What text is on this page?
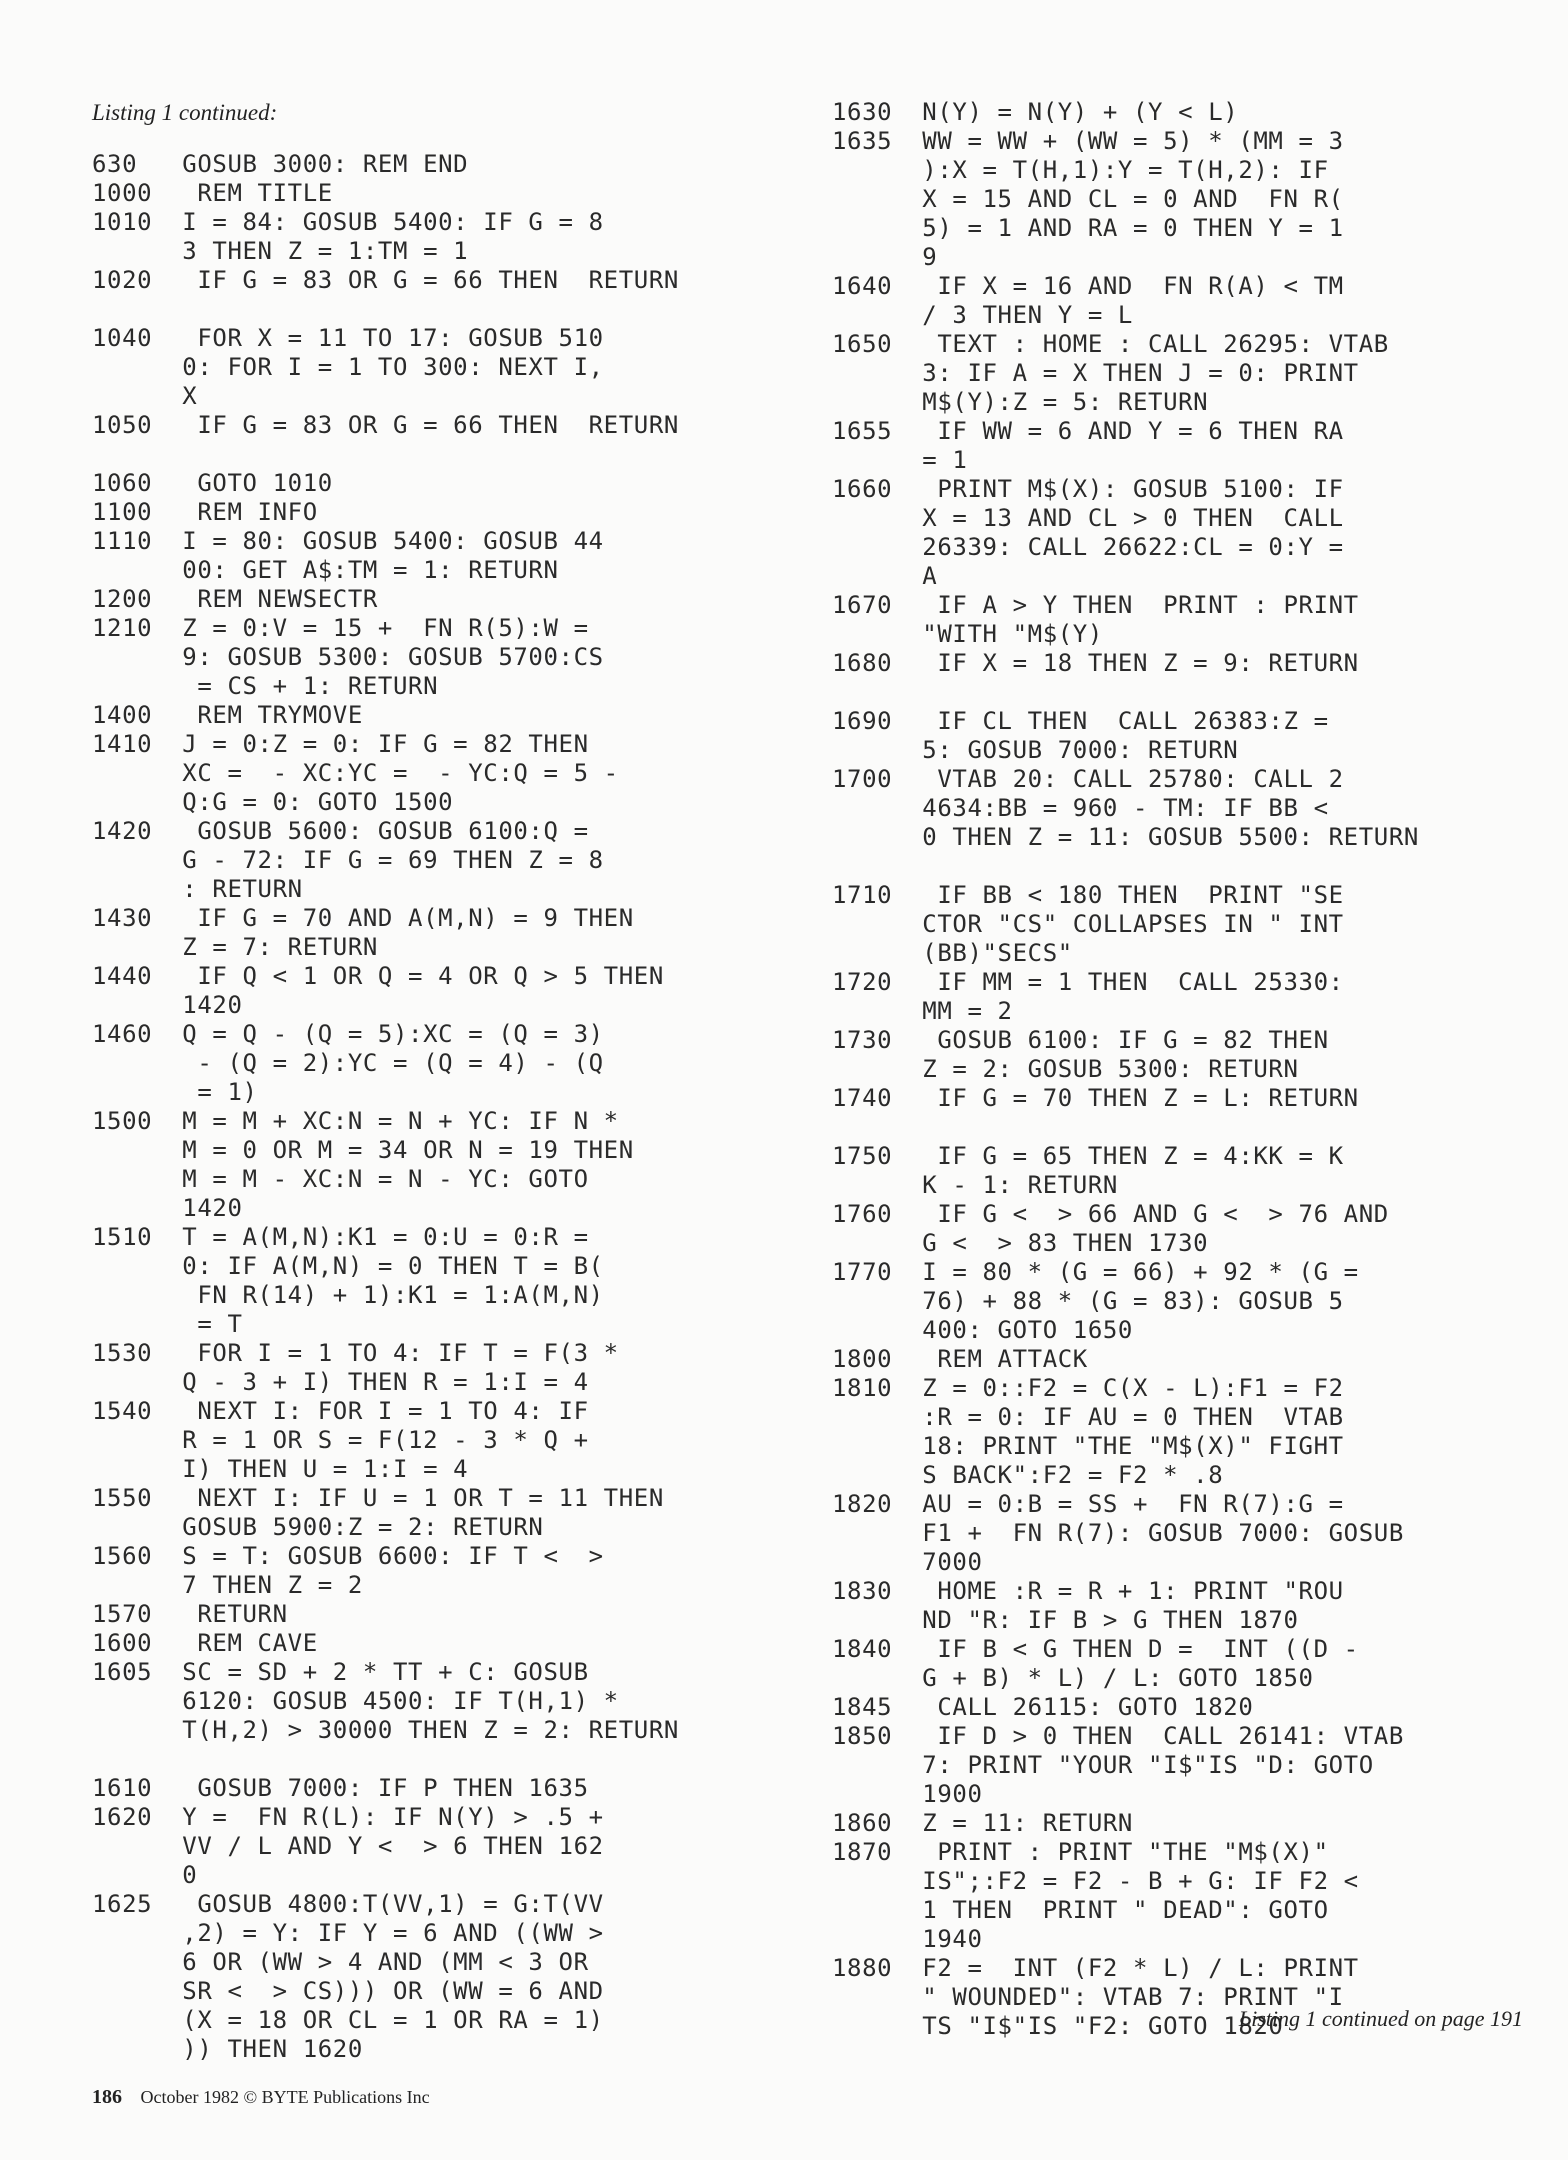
Listing 1 continued:
630   GOSUB 3000: REM END
1000   REM TITLE
1010  I = 84: GOSUB 5400: IF G = 8
3 THEN Z = 1:TM = 1
1020   IF G = 83 OR G = 66 THEN  RETURN
1040   FOR X = 11 TO 17: GOSUB 510
0: FOR I = 1 TO 300: NEXT I,
X
1050   IF G = 83 OR G = 66 THEN  RETURN
1060   GOTO 1010
1100   REM INFO
1110  I = 80: GOSUB 5400: GOSUB 44
00: GET A$:TM = 1: RETURN
1200   REM NEWSECTR
1210  Z = 0:V = 15 +  FN R(5):W =
9: GOSUB 5300: GOSUB 5700:CS
= CS + 1: RETURN
1400   REM TRYMOVE
1410  J = 0:Z = 0: IF G = 82 THEN
XC =  - XC:YC =  - YC:Q = 5 -
Q:G = 0: GOTO 1500
1420   GOSUB 5600: GOSUB 6100:Q =
G - 72: IF G = 69 THEN Z = 8
: RETURN
1430   IF G = 70 AND A(M,N) = 9 THEN
Z = 7: RETURN
1440   IF Q < 1 OR Q = 4 OR Q > 5 THEN
1420
1460  Q = Q - (Q = 5):XC = (Q = 3)
- (Q = 2):YC = (Q = 4) - (Q
= 1)
1500  M = M + XC:N = N + YC: IF N *
M = 0 OR M = 34 OR N = 19 THEN
M = M - XC:N = N - YC: GOTO
1420
1510  T = A(M,N):K1 = 0:U = 0:R =
0: IF A(M,N) = 0 THEN T = B(
FN R(14) + 1):K1 = 1:A(M,N)
= T
1530   FOR I = 1 TO 4: IF T = F(3 *
Q - 3 + I) THEN R = 1:I = 4
1540   NEXT I: FOR I = 1 TO 4: IF
R = 1 OR S = F(12 - 3 * Q +
I) THEN U = 1:I = 4
1550   NEXT I: IF U = 1 OR T = 11 THEN
GOSUB 5900:Z = 2: RETURN
1560  S = T: GOSUB 6600: IF T <  >
7 THEN Z = 2
1570   RETURN
1600   REM CAVE
1605  SC = SD + 2 * TT + C: GOSUB
6120: GOSUB 4500: IF T(H,1) *
T(H,2) > 30000 THEN Z = 2: RETURN
1610   GOSUB 7000: IF P THEN 1635
1620  Y =  FN R(L): IF N(Y) > .5 +
VV / L AND Y <  > 6 THEN 162
0
1625   GOSUB 4800:T(VV,1) = G:T(VV
,2) = Y: IF Y = 6 AND ((WW >
6 OR (WW > 4 AND (MM < 3 OR
SR <  > CS))) OR (WW = 6 AND
(X = 18 OR CL = 1 OR RA = 1)
)) THEN 1620
1630  N(Y) = N(Y) + (Y < L)
1635  WW = WW + (WW = 5) * (MM = 3
):X = T(H,1):Y = T(H,2): IF
X = 15 AND CL = 0 AND  FN R(
5) = 1 AND RA = 0 THEN Y = 1
9
1640   IF X = 16 AND  FN R(A) < TM
/ 3 THEN Y = L
1650   TEXT : HOME : CALL 26295: VTAB
3: IF A = X THEN J = 0: PRINT
M$(Y):Z = 5: RETURN
1655   IF WW = 6 AND Y = 6 THEN RA
= 1
1660   PRINT M$(X): GOSUB 5100: IF
X = 13 AND CL > 0 THEN  CALL
26339: CALL 26622:CL = 0:Y =
A
1670   IF A > Y THEN  PRINT : PRINT
"WITH "M$(Y)
1680   IF X = 18 THEN Z = 9: RETURN
1690   IF CL THEN  CALL 26383:Z =
5: GOSUB 7000: RETURN
1700   VTAB 20: CALL 25780: CALL 2
4634:BB = 960 - TM: IF BB <
0 THEN Z = 11: GOSUB 5500: RETURN
1710   IF BB < 180 THEN  PRINT "SE
CTOR "CS" COLLAPSES IN " INT
(BB)"SECS"
1720   IF MM = 1 THEN  CALL 25330:
MM = 2
1730   GOSUB 6100: IF G = 82 THEN
Z = 2: GOSUB 5300: RETURN
1740   IF G = 70 THEN Z = L: RETURN
1750   IF G = 65 THEN Z = 4:KK = K
K - 1: RETURN
1760   IF G <  > 66 AND G <  > 76 AND
G <  > 83 THEN 1730
1770  I = 80 * (G = 66) + 92 * (G =
76) + 88 * (G = 83): GOSUB 5
400: GOTO 1650
1800   REM ATTACK
1810  Z = 0::F2 = C(X - L):F1 = F2
:R = 0: IF AU = 0 THEN  VTAB
18: PRINT "THE "M$(X)" FIGHT
S BACK":F2 = F2 * .8
1820  AU = 0:B = SS +  FN R(7):G =
F1 +  FN R(7): GOSUB 7000: GOSUB
7000
1830   HOME :R = R + 1: PRINT "ROU
ND "R: IF B > G THEN 1870
1840   IF B < G THEN D =  INT ((D -
G + B) * L) / L: GOTO 1850
1845   CALL 26115: GOTO 1820
1850   IF D > 0 THEN  CALL 26141: VTAB
7: PRINT "YOUR "I$"IS "D: GOTO
1900
1860  Z = 11: RETURN
1870   PRINT : PRINT "THE "M$(X)"
IS";:F2 = F2 - B + G: IF F2 <
1 THEN  PRINT " DEAD": GOTO
1940
1880  F2 =  INT (F2 * L) / L: PRINT
" WOUNDED": VTAB 7: PRINT "I
TS "I$"IS "F2: GOTO 1820
Listing 1 continued on page 191
186 October 1982 © BYTE Publications Inc
